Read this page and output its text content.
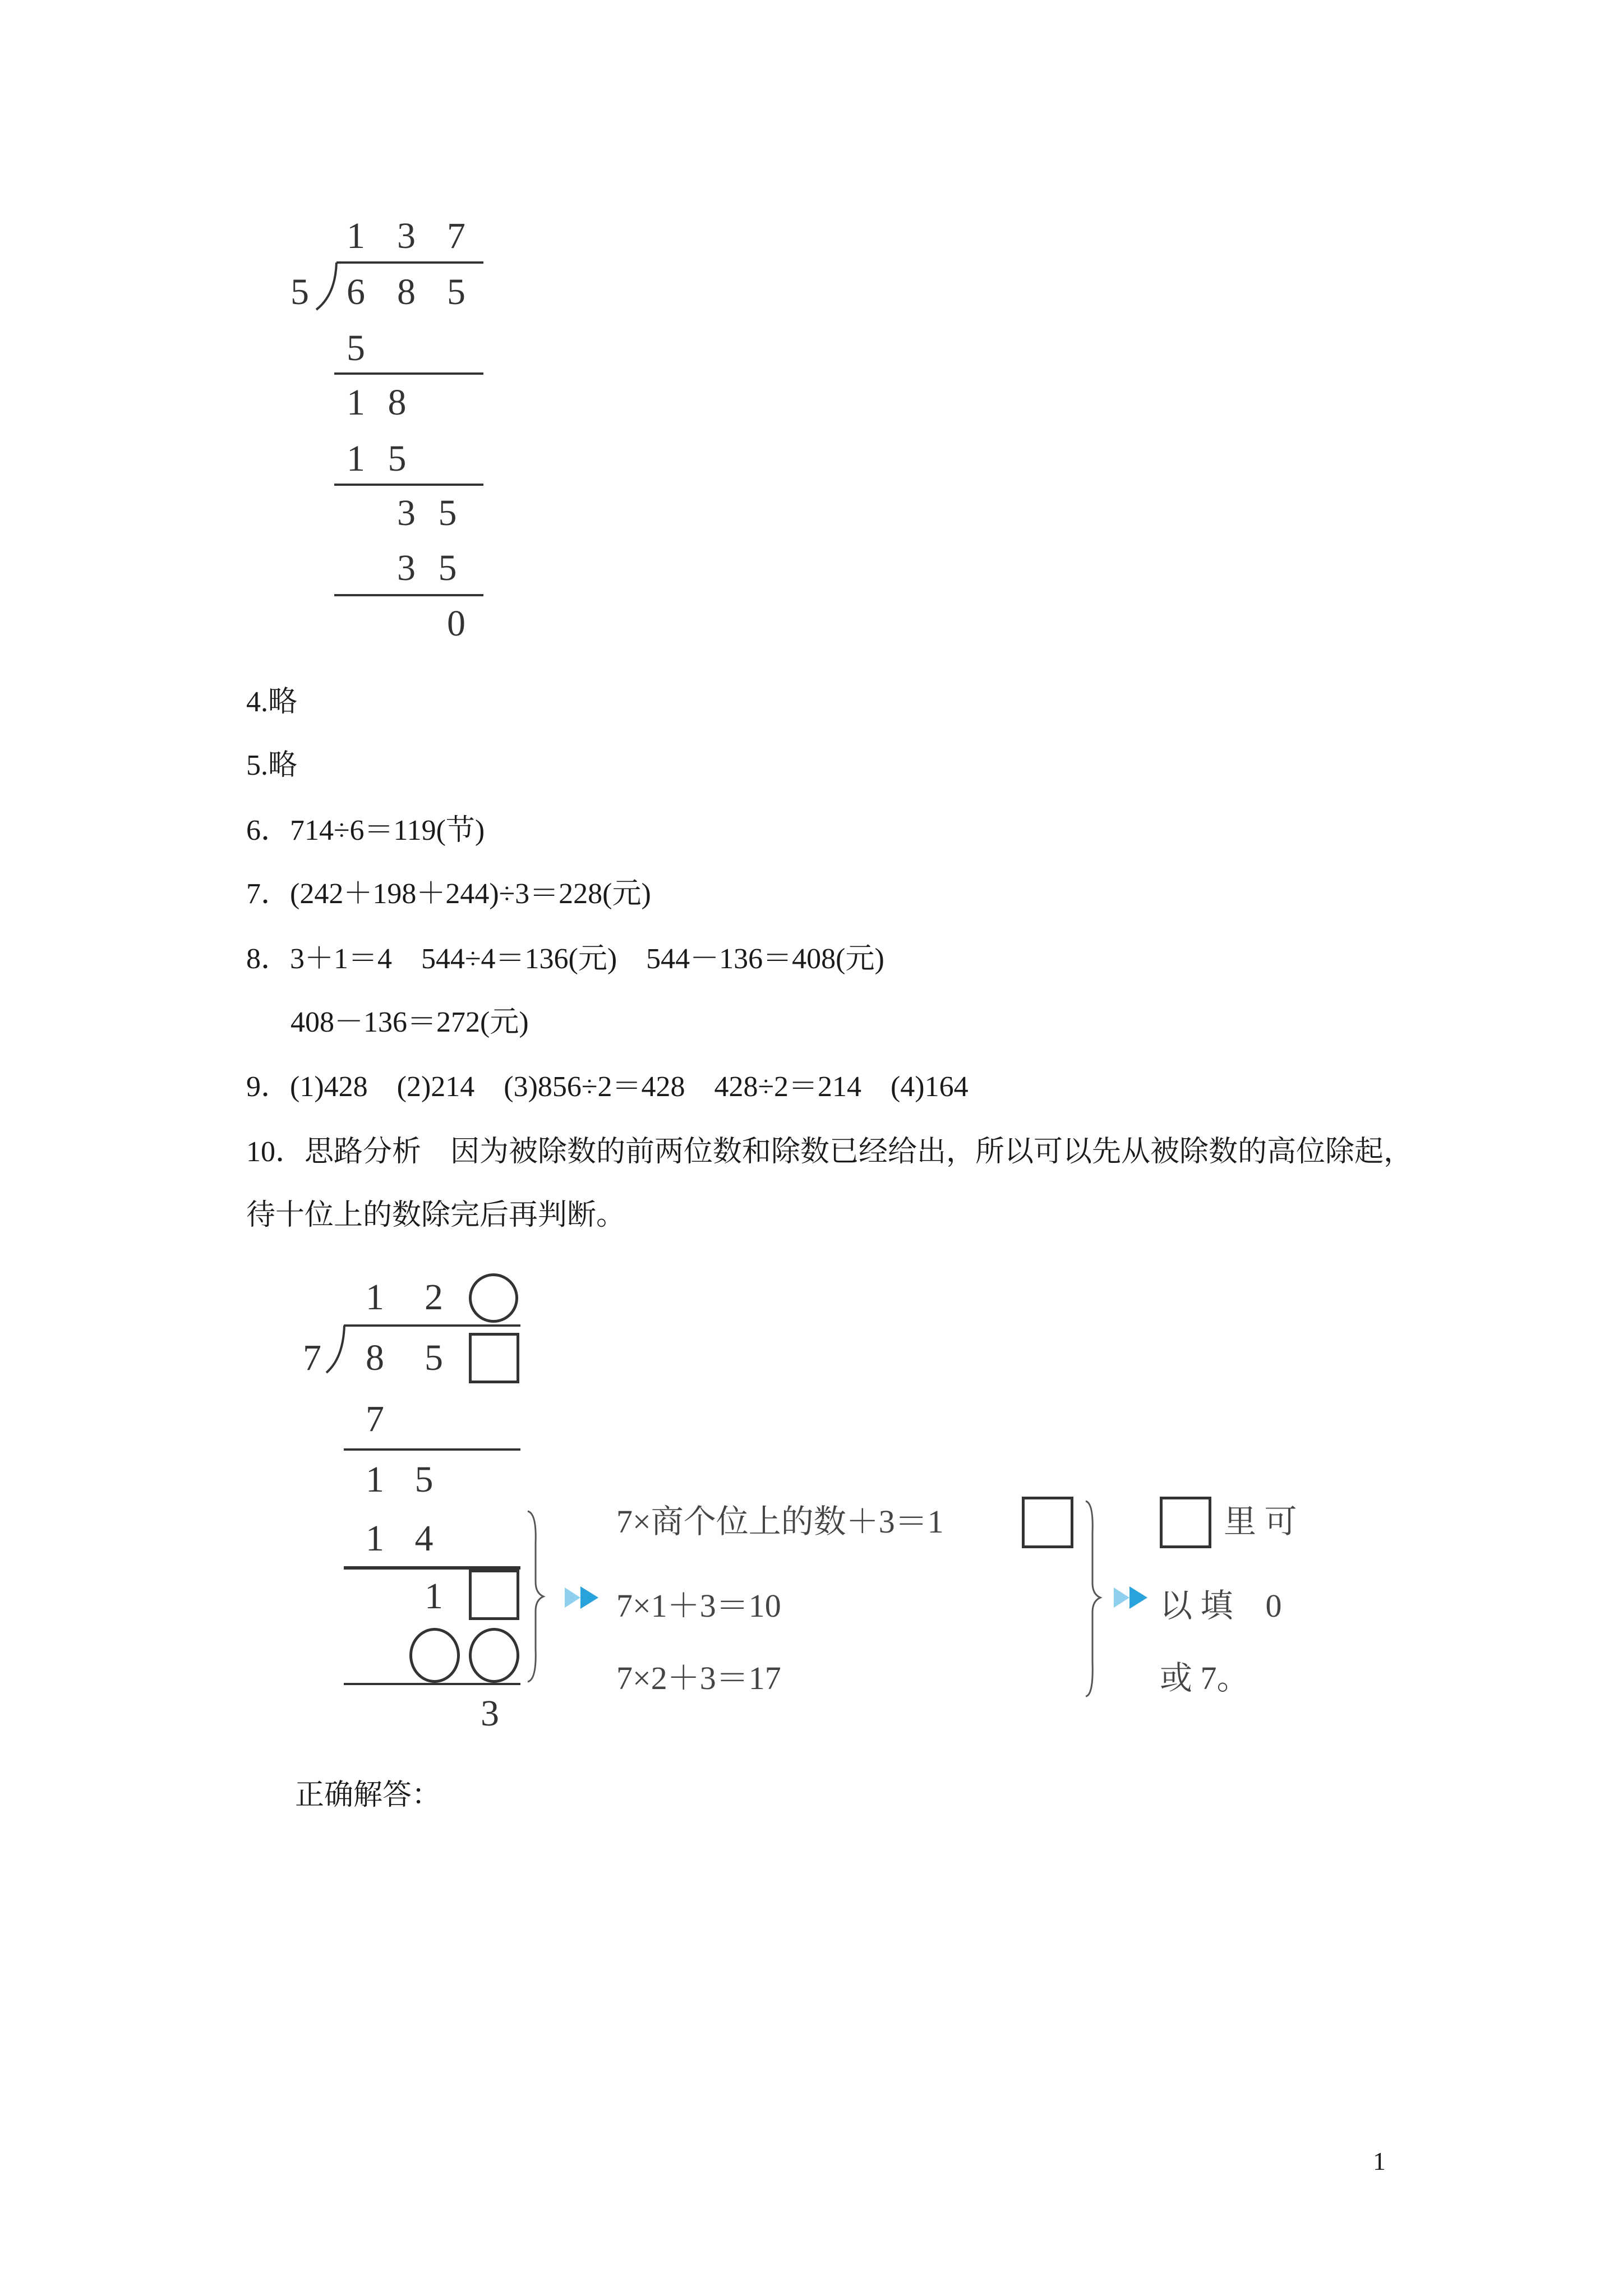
1 3 7
5 6 8 5
5
1 8
1 5
3 5
3 5
0
4.略
5.略
6．714÷6＝119(节)
7．(242＋198＋244)÷3＝228(元)
8．3＋1＝4　544÷4＝136(元)　544－136＝408(元)
408－136＝272(元)
9．(1)428　(2)214　(3)856÷2＝428　428÷2＝214　(4)164
10．思路分析　因为被除数的前两位数和除数已经给出，所以可以先从被除数的高位除起，
待十位上的数除完后再判断。
1 2
7 8 5
7
1 5
1 4
1
3
7×商个位上的数＋3＝1
7×1＋3＝10
7×2＋3＝17
里 可
以 填　0
或 7。
正确解答：
1
